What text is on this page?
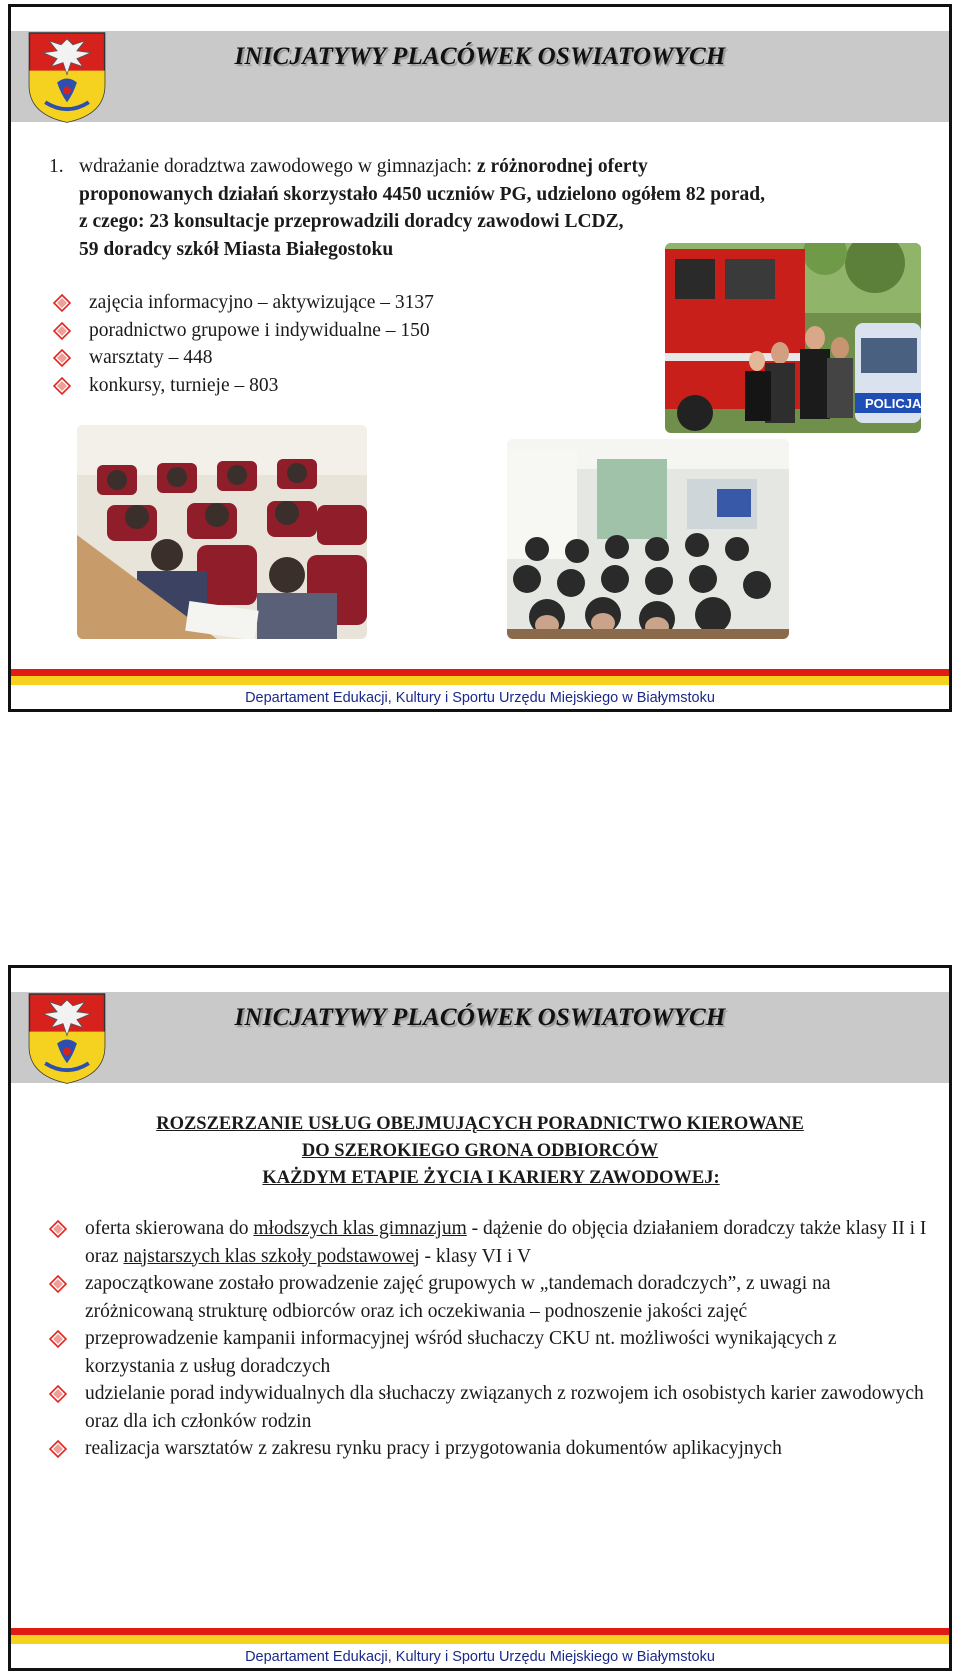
INICJATYWY PLACÓWEK OSWIATOWYCH
1. wdrażanie doradztwa zawodowego w gimnazjach: z różnorodnej oferty
proponowanych działań skorzystało 4450 uczniów PG, udzielono ogółem 82 porad,
z czego: 23 konsultacje przeprowadzili doradcy zawodowi LCDZ,
59 doradcy szkół Miasta Białegostoku
zajęcia informacyjno – aktywizujące – 3137
poradnictwo grupowe i indywidualne – 150
warsztaty – 448
konkursy, turnieje – 803
POLICJA
Departament Edukacji, Kultury i Sportu Urzędu Miejskiego w Białymstoku
INICJATYWY PLACÓWEK OSWIATOWYCH
ROZSZERZANIE USŁUG OBEJMUJĄCYCH PORADNICTWO KIEROWANE
DO SZEROKIEGO GRONA ODBIORCÓW
KAŻDYM ETAPIE ŻYCIA I KARIERY ZAWODOWEJ:
oferta skierowana do młodszych klas gimnazjum - dążenie do objęcia działaniem doradczy także klasy II i I oraz najstarszych klas szkoły podstawowej - klasy VI i V
zapoczątkowane zostało prowadzenie zajęć grupowych w „tandemach doradczych”, z uwagi na zróżnicowaną strukturę odbiorców oraz ich oczekiwania – podnoszenie jakości zajęć
przeprowadzenie kampanii informacyjnej wśród słuchaczy CKU nt. możliwości wynikających z korzystania z usług doradczych
udzielanie porad indywidualnych dla słuchaczy związanych z rozwojem ich osobistych karier zawodowych oraz dla ich członków rodzin
realizacja warsztatów z zakresu rynku pracy i przygotowania dokumentów aplikacyjnych
Departament Edukacji, Kultury i Sportu Urzędu Miejskiego w Białymstoku
